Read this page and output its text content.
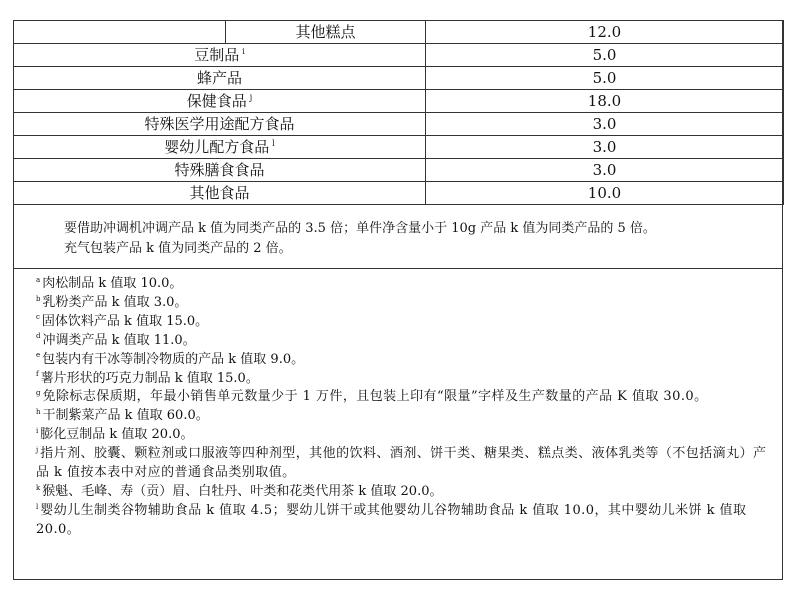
	其他糕点	12.0
豆制品 $^i$		5.0
蜂产品		5.0
保健食品 $^j$		18.0
特殊医学用途配方食品		3.0
婴幼儿配方食品 $^l$		3.0
特殊膳食食品		3.0
其他食品		10.0
要借助冲调机冲调产品 k 值为同类产品的 3.5 倍；单件净含量小于 10g 产品 k 值为同类产品的 5 倍。
充气包装产品 k 值为同类产品的 2 倍。
$^a$ 肉松制品 k 值取 10.0。
$^b$ 乳粉类产品 k 值取 3.0。
$^c$ 固体饮料产品 k 值取 15.0。
$^d$ 冲调类产品 k 值取 11.0。
$^e$ 包装内有干冰等制冷物质的产品 k 值取 9.0。
$^f$ 薯片形状的巧克力制品 k 值取 15.0。
$^g$ 免除标志保质期，年最小销售单元数量少于 1 万件，且包装上印有“限量”字样及生产数量的产品 K 值取 30.0。
$^h$ 干制紫菜产品 k 值取 60.0。
$^i$ 膨化豆制品 k 值取 20.0。
$^j$ 指片剂、胶囊、颗粒剂或口服液等四种剂型，其他的饮料、酒剂、饼干类、糖果类、糕点类、液体乳类等（不包括滴丸）产品 k 值按本表中对应的普通食品类别取值。
$^k$ 猴魁、毛峰、寿（贡）眉、白牡丹、叶类和花类代用茶 k 值取 20.0。
$^l$ 婴幼儿生制类谷物辅助食品 k 值取 4.5；婴幼儿饼干或其他婴幼儿谷物辅助食品 k 值取 10.0，其中婴幼儿米饼 k 值取 20.0。
